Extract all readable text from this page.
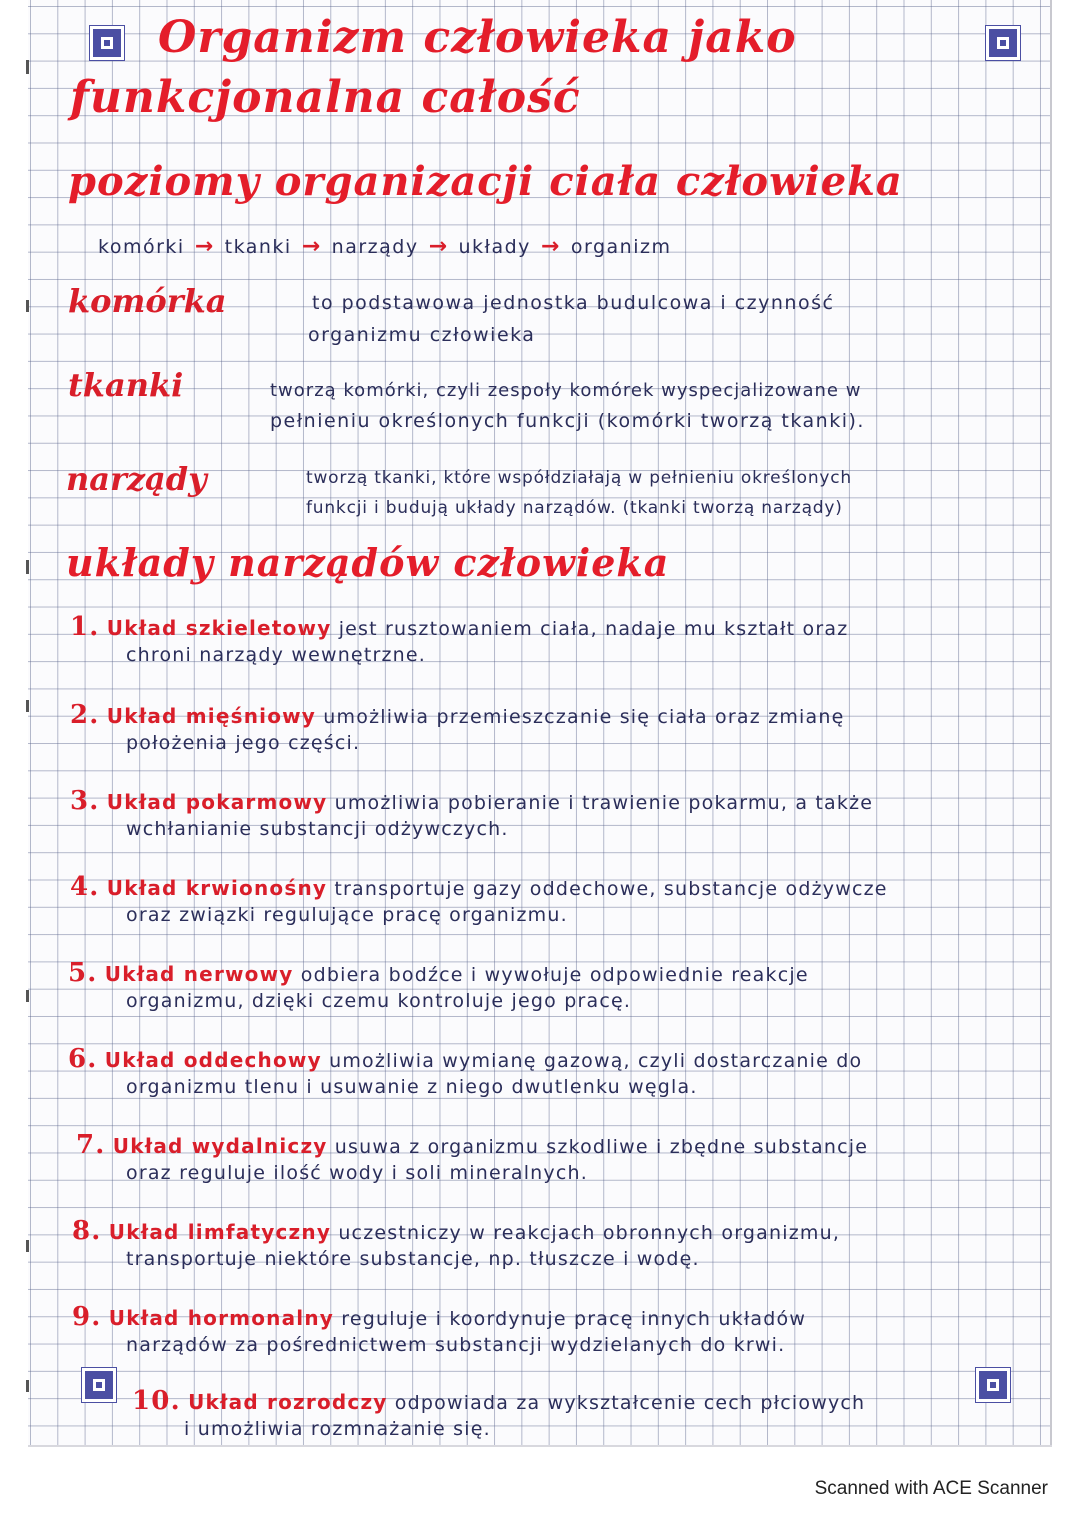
Organizm człowieka jako
funkcjonalna całość
poziomy organizacji ciała człowieka
komórki → tkanki → narządy → układy → organizm
komórka	to podstawowa jednostka budulcowa i czynność
organizmu człowieka
tkanki	tworzą komórki, czyli zespoły komórek wyspecjalizowane w
pełnieniu określonych funkcji (komórki tworzą tkanki).
narządy	tworzą tkanki, które współdziałają w pełnieniu określonych
funkcji i budują układy narządów. (tkanki tworzą narządy)
układy narządów człowieka
1. Układ szkieletowy jest rusztowaniem ciała, nadaje mu kształt oraz
chroni narządy wewnętrzne.
2. Układ mięśniowy umożliwia przemieszczanie się ciała oraz zmianę
położenia jego części.
3. Układ pokarmowy umożliwia pobieranie i trawienie pokarmu, a także
wchłanianie substancji odżywczych.
4. Układ krwionośny transportuje gazy oddechowe, substancje odżywcze
oraz związki regulujące pracę organizmu.
5. Układ nerwowy odbiera bodźce i wywołuje odpowiednie reakcje
organizmu, dzięki czemu kontroluje jego pracę.
6. Układ oddechowy umożliwia wymianę gazową, czyli dostarczanie do
organizmu tlenu i usuwanie z niego dwutlenku węgla.
7. Układ wydalniczy usuwa z organizmu szkodliwe i zbędne substancje
oraz reguluje ilość wody i soli mineralnych.
8. Układ limfatyczny uczestniczy w reakcjach obronnych organizmu,
transportuje niektóre substancje, np. tłuszcze i wodę.
9. Układ hormonalny reguluje i koordynuje pracę innych układów
narządów za pośrednictwem substancji wydzielanych do krwi.
10. Układ rozrodczy odpowiada za wykształcenie cech płciowych
i umożliwia rozmnażanie się.
Scanned with ACE Scanner
